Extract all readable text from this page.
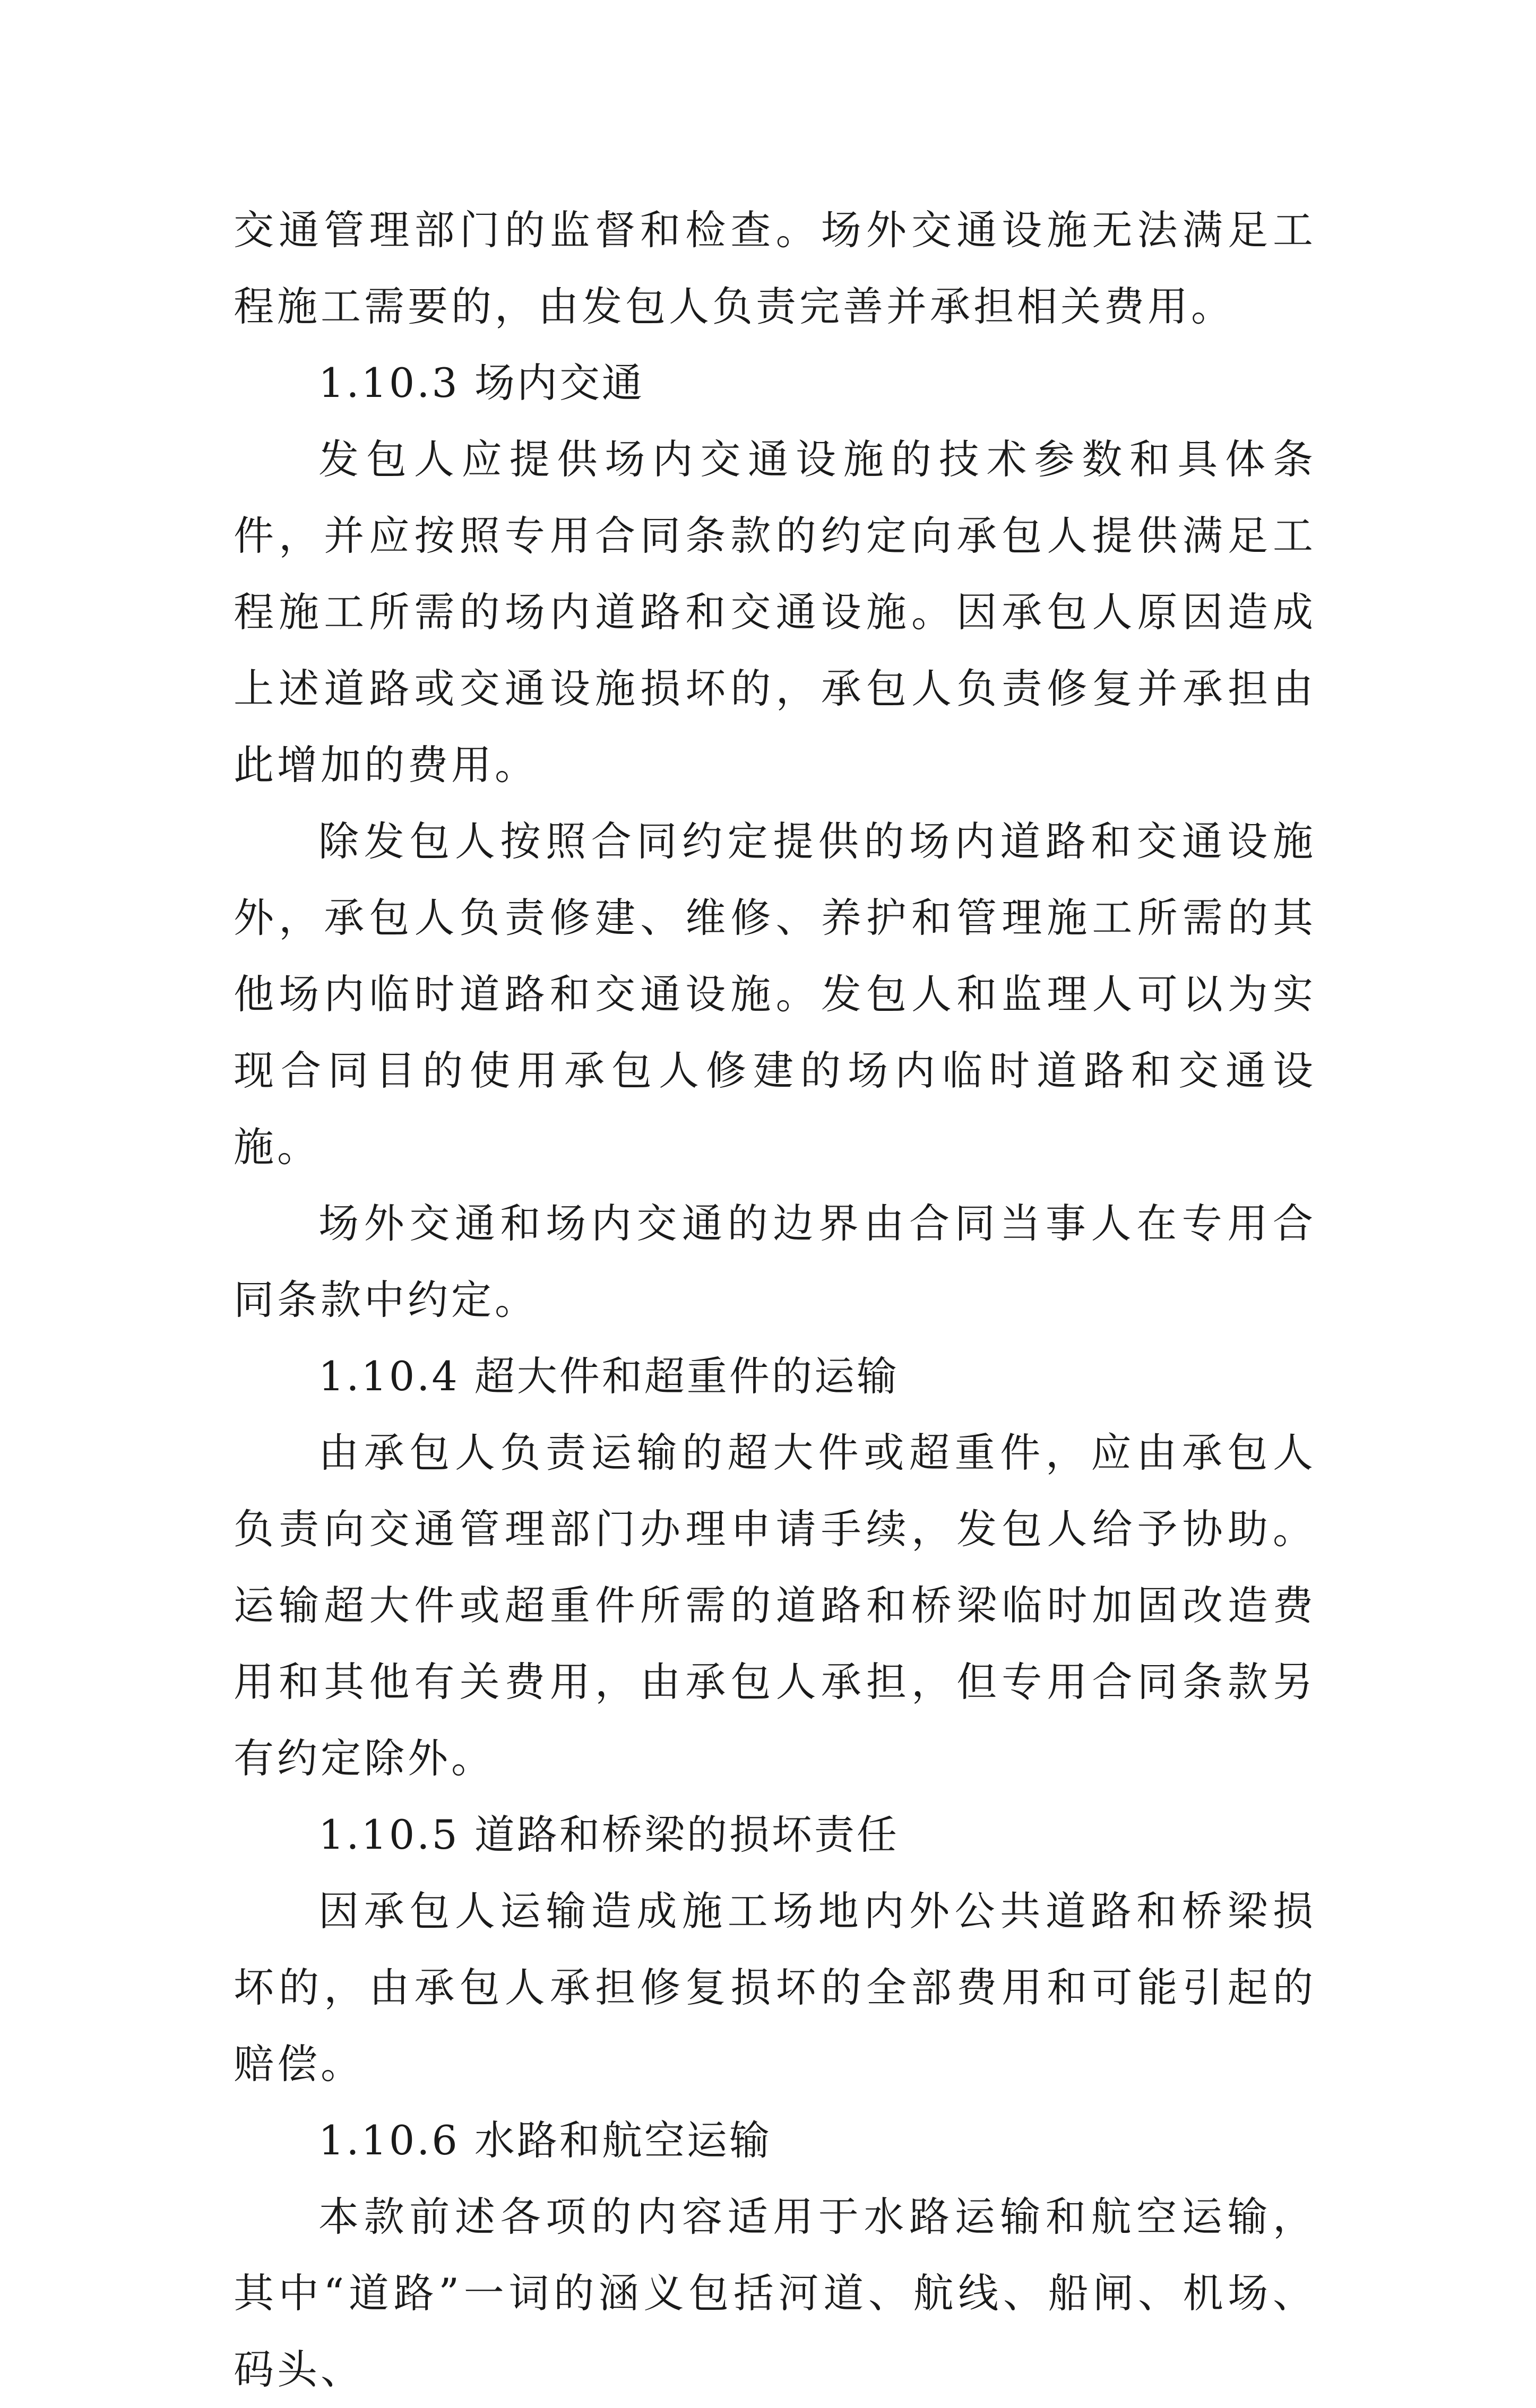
交通管理部门的监督和检查。场外交通设施无法满足工程施工需要的，由发包人负责完善并承担相关费用。

1.10.3 场内交通

发包人应提供场内交通设施的技术参数和具体条件，并应按照专用合同条款的约定向承包人提供满足工程施工所需的场内道路和交通设施。因承包人原因造成上述道路或交通设施损坏的，承包人负责修复并承担由此增加的费用。

除发包人按照合同约定提供的场内道路和交通设施外，承包人负责修建、维修、养护和管理施工所需的其他场内临时道路和交通设施。发包人和监理人可以为实现合同目的使用承包人修建的场内临时道路和交通设施。

场外交通和场内交通的边界由合同当事人在专用合同条款中约定。

1.10.4 超大件和超重件的运输

由承包人负责运输的超大件或超重件，应由承包人负责向交通管理部门办理申请手续，发包人给予协助。运输超大件或超重件所需的道路和桥梁临时加固改造费用和其他有关费用，由承包人承担，但专用合同条款另有约定除外。

1.10.5 道路和桥梁的损坏责任

因承包人运输造成施工场地内外公共道路和桥梁损坏的，由承包人承担修复损坏的全部费用和可能引起的赔偿。

1.10.6 水路和航空运输

本款前述各项的内容适用于水路运输和航空运输，其中“道路”一词的涵义包括河道、航线、船闸、机场、码头、
